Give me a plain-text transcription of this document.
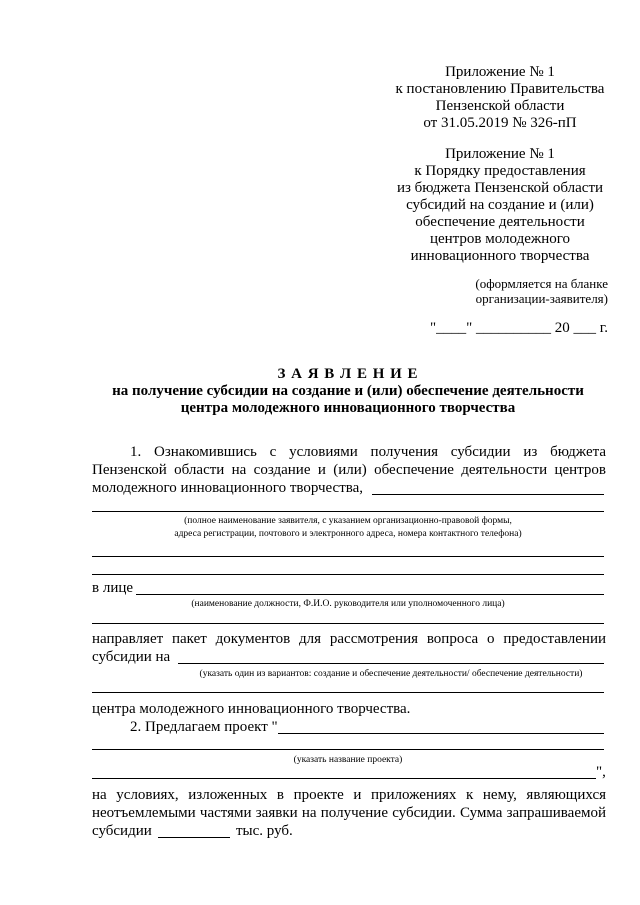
Приложение № 1
к постановлению Правительства
Пензенской области
от 31.05.2019 № 326-пП
Приложение № 1
к Порядку предоставления
из бюджета Пензенской области
субсидий на создание и (или)
обеспечение деятельности
центров молодежного
инновационного творчества
(оформляется на бланке
организации-заявителя)
"____" __________ 20 ___ г.
З А Я В Л Е Н И Е
на получение субсидии на создание и (или) обеспечение деятельности
центра молодежного инновационного творчества
1. Ознакомившись с условиями получения субсидии из бюджета
Пензенской области на создание и (или) обеспечение деятельности центров
молодежного инновационного творчества,
(полное наименование заявителя, с указанием организационно-правовой формы,
адреса регистрации, почтового и электронного адреса, номера контактного телефона)
в лице
(наименование должности, Ф.И.О. руководителя или уполномоченного лица)
направляет пакет документов для рассмотрения вопроса о предоставлении
субсидии на
(указать один из вариантов: создание и обеспечение деятельности/ обеспечение деятельности)
центра молодежного инновационного творчества.
2. Предлагаем проект "
(указать название проекта)
",
на условиях, изложенных в проекте и приложениях к нему, являющихся
неотъемлемыми частями заявки на получение субсидии. Сумма запрашиваемой
субсидии	тыс. руб.
